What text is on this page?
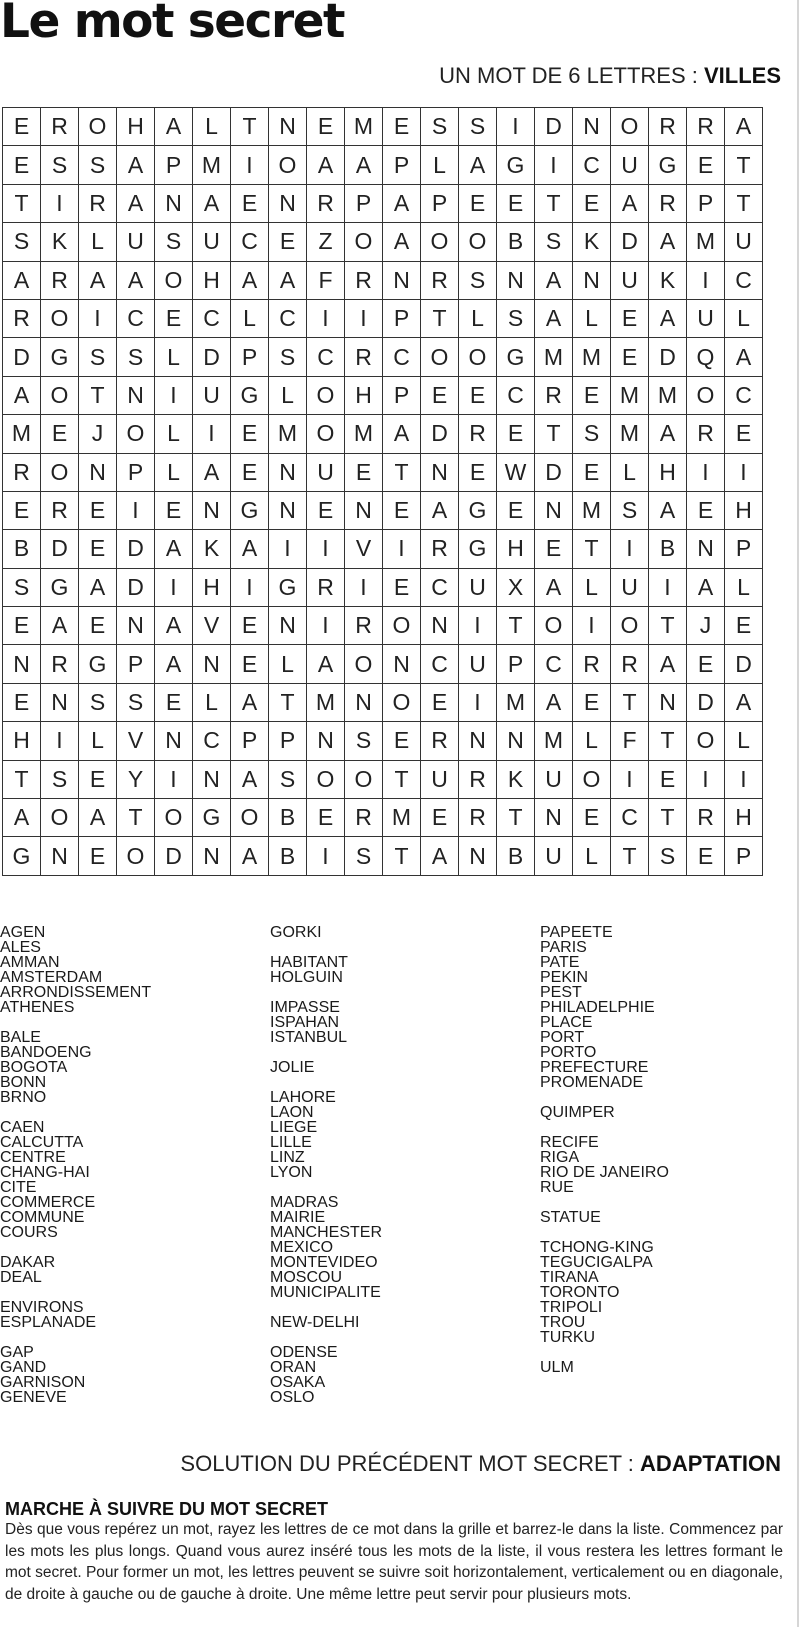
Le mot secret
UN MOT DE 6 LETTRES : VILLES
E	R	O	H	A	L	T	N	E	M	E	S	S	I	D	N	O	R	R	A
E	S	S	A	P	M	I	O	A	A	P	L	A	G	I	C	U	G	E	T
T	I	R	A	N	A	E	N	R	P	A	P	E	E	T	E	A	R	P	T
S	K	L	U	S	U	C	E	Z	O	A	O	O	B	S	K	D	A	M	U
A	R	A	A	O	H	A	A	F	R	N	R	S	N	A	N	U	K	I	C
R	O	I	C	E	C	L	C	I	I	P	T	L	S	A	L	E	A	U	L
D	G	S	S	L	D	P	S	C	R	C	O	O	G	M	M	E	D	Q	A
A	O	T	N	I	U	G	L	O	H	P	E	E	C	R	E	M	M	O	C
M	E	J	O	L	I	E	M	O	M	A	D	R	E	T	S	M	A	R	E
R	O	N	P	L	A	E	N	U	E	T	N	E	W	D	E	L	H	I	I
E	R	E	I	E	N	G	N	E	N	E	A	G	E	N	M	S	A	E	H
B	D	E	D	A	K	A	I	I	V	I	R	G	H	E	T	I	B	N	P
S	G	A	D	I	H	I	G	R	I	E	C	U	X	A	L	U	I	A	L
E	A	E	N	A	V	E	N	I	R	O	N	I	T	O	I	O	T	J	E
N	R	G	P	A	N	E	L	A	O	N	C	U	P	C	R	R	A	E	D
E	N	S	S	E	L	A	T	M	N	O	E	I	M	A	E	T	N	D	A
H	I	L	V	N	C	P	P	N	S	E	R	N	N	M	L	F	T	O	L
T	S	E	Y	I	N	A	S	O	O	T	U	R	K	U	O	I	E	I	I
A	O	A	T	O	G	O	B	E	R	M	E	R	T	N	E	C	T	R	H
G	N	E	O	D	N	A	B	I	S	T	A	N	B	U	L	T	S	E	P
AGEN
ALES
AMMAN
AMSTERDAM
ARRONDISSEMENT
ATHENES
BALE
BANDOENG
BOGOTA
BONN
BRNO
CAEN
CALCUTTA
CENTRE
CHANG-HAI
CITE
COMMERCE
COMMUNE
COURS
DAKAR
DEAL
ENVIRONS
ESPLANADE
GAP
GAND
GARNISON
GENEVE
GORKI
HABITANT
HOLGUIN
IMPASSE
ISPAHAN
ISTANBUL
JOLIE
LAHORE
LAON
LIEGE
LILLE
LINZ
LYON
MADRAS
MAIRIE
MANCHESTER
MEXICO
MONTEVIDEO
MOSCOU
MUNICIPALITE
NEW-DELHI
ODENSE
ORAN
OSAKA
OSLO
PAPEETE
PARIS
PATE
PEKIN
PEST
PHILADELPHIE
PLACE
PORT
PORTO
PREFECTURE
PROMENADE
QUIMPER
RECIFE
RIGA
RIO DE JANEIRO
RUE
STATUE
TCHONG-KING
TEGUCIGALPA
TIRANA
TORONTO
TRIPOLI
TROU
TURKU
ULM
SOLUTION DU PRÉCÉDENT MOT SECRET : ADAPTATION
MARCHE À SUIVRE DU MOT SECRET
Dès que vous repérez un mot, rayez les lettres de ce mot dans la grille et barrez-le dans la liste. Commencez par les mots les plus longs. Quand vous aurez inséré tous les mots de la liste, il vous restera les lettres formant le mot secret. Pour former un mot, les lettres peuvent se suivre soit horizontalement, verticalement ou en diagonale, de droite à gauche ou de gauche à droite. Une même lettre peut servir pour plusieurs mots.
